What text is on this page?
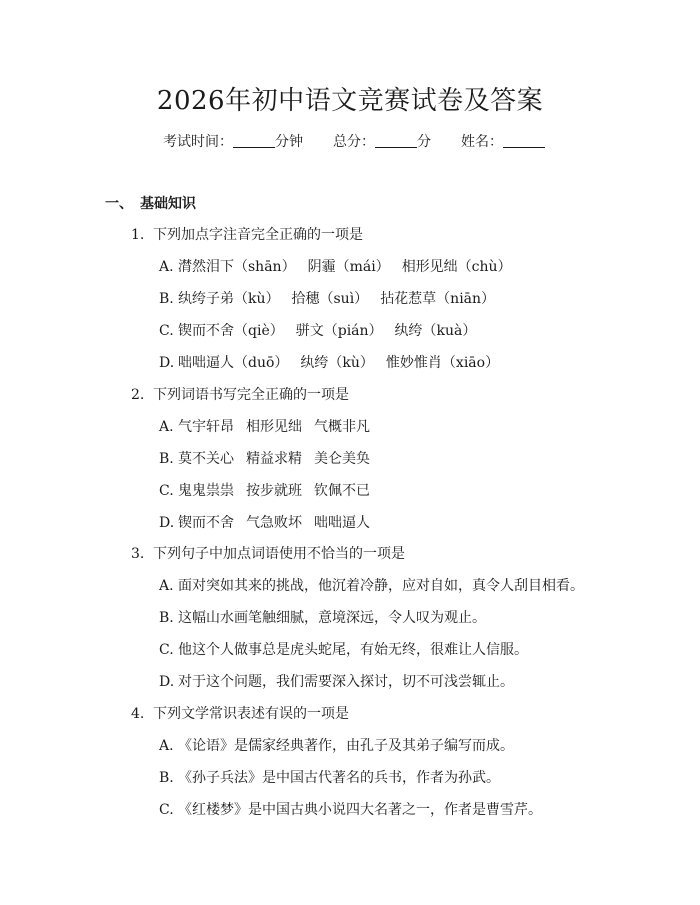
2026年初中语文竞赛试卷及答案
考试时间：	分钟 总分：	分 姓名：
一、 基础知识
1. 下列加点字注音完全正确的一项是
A. 潸然泪下（shān） 阴霾（mái） 相形见绌（chù）
B. 纨绔子弟（kù） 拾穗（suì） 拈花惹草（niān）
C. 锲而不舍（qiè） 骈文（pián） 纨绔（kuà）
D. 咄咄逼人（duō） 纨绔（kù） 惟妙惟肖（xiāo）
2. 下列词语书写完全正确的一项是
A. 气宇轩昂 相形见绌 气概非凡
B. 莫不关心 精益求精 美仑美奂
C. 鬼鬼祟祟 按步就班 钦佩不已
D. 锲而不舍 气急败坏 咄咄逼人
3. 下列句子中加点词语使用不恰当的一项是
A. 面对突如其来的挑战，他沉着冷静，应对自如，真令人刮目相看。
B. 这幅山水画笔触细腻，意境深远，令人叹为观止。
C. 他这个人做事总是虎头蛇尾，有始无终，很难让人信服。
D. 对于这个问题，我们需要深入探讨，切不可浅尝辄止。
4. 下列文学常识表述有误的一项是
A. 《论语》是儒家经典著作，由孔子及其弟子编写而成。
B. 《孙子兵法》是中国古代著名的兵书，作者为孙武。
C. 《红楼梦》是中国古典小说四大名著之一，作者是曹雪芹。
